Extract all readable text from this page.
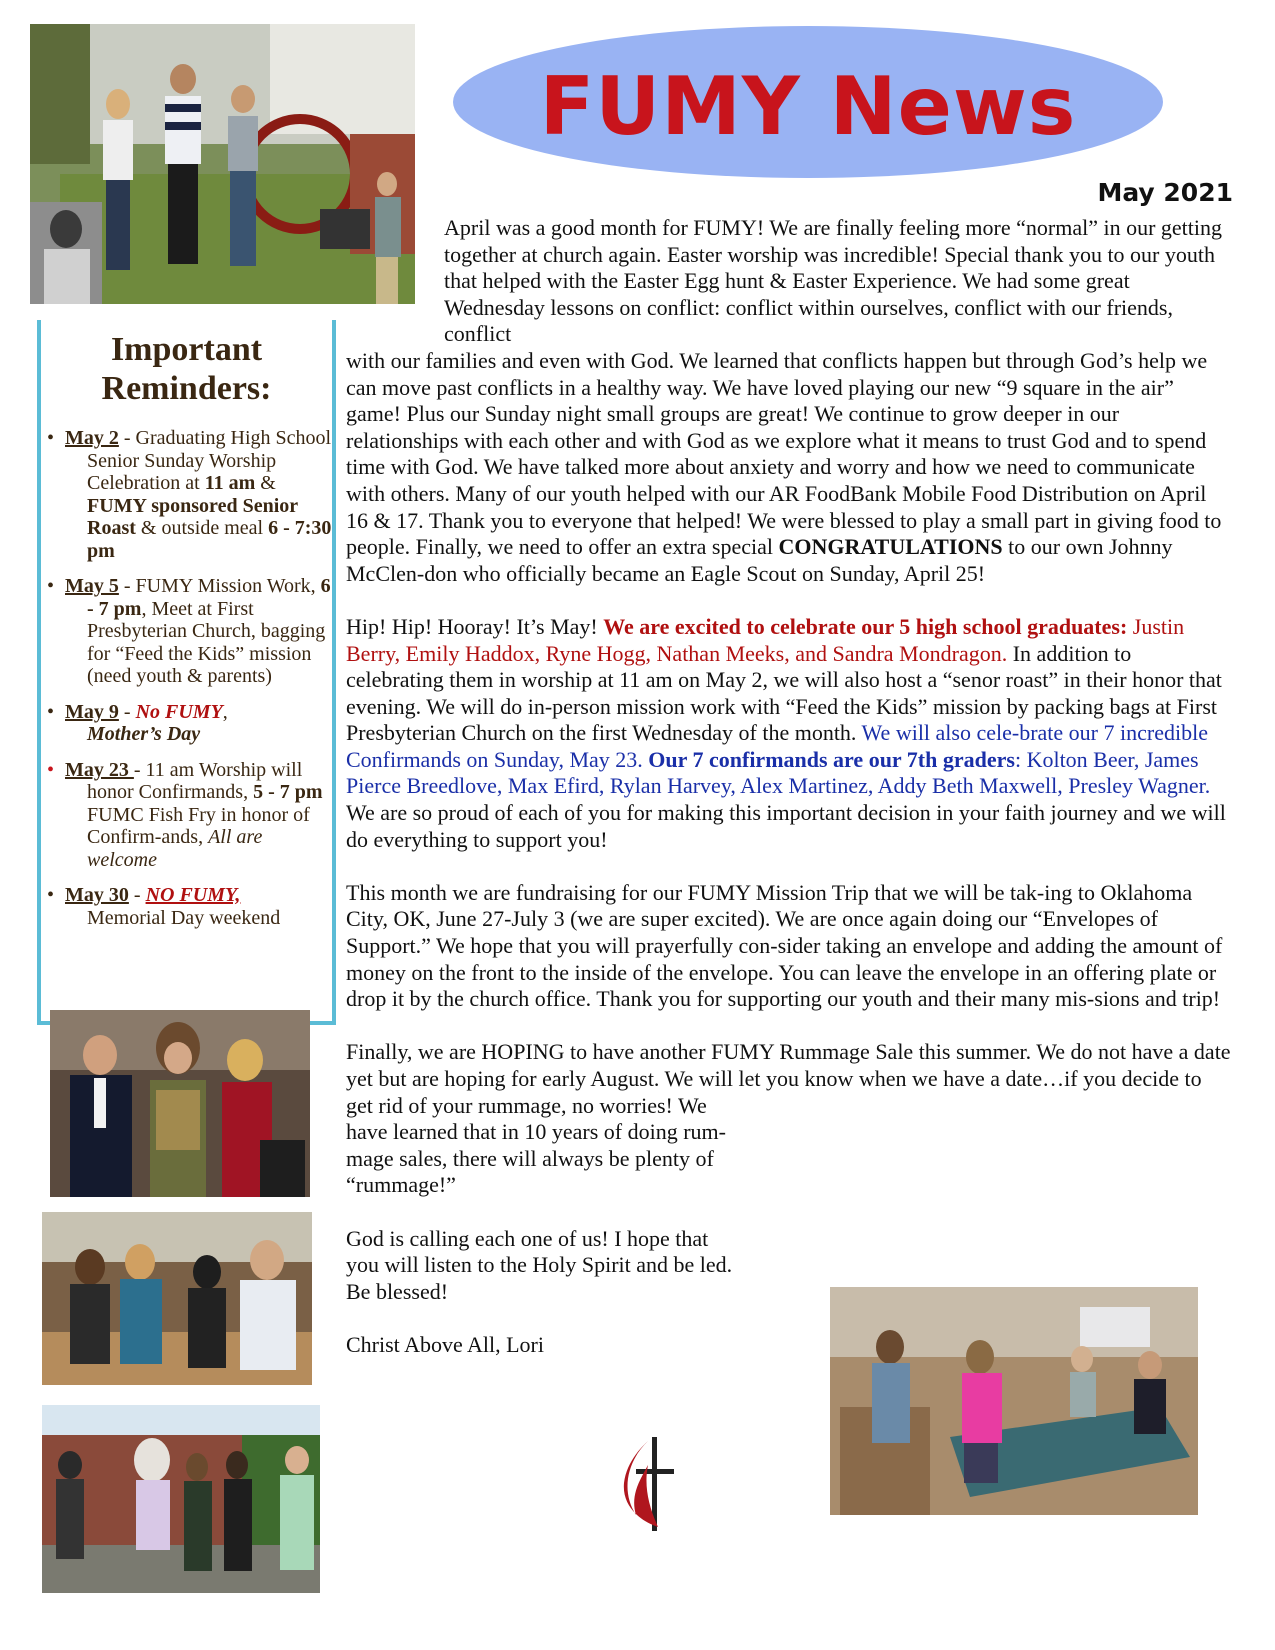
FUMY News
May 2021
Important
Reminders:
• May 2 - Graduating High School Senior Sunday Worship Celebration at 11 am & FUMY sponsored Senior Roast & outside meal 6 - 7:30 pm
• May 5 - FUMY Mission Work, 6 - 7 pm, Meet at First Presbyterian Church, bagging for “Feed the Kids” mission (need youth & parents)
• May 9 - No FUMY,
Mother’s Day
• May 23 - 11 am Worship will honor Confirmands, 5 - 7 pm FUMC Fish Fry in honor of Confirm-ands, All are welcome
• May 30 - NO FUMY,
Memorial Day weekend

April was a good month for FUMY! We are finally feeling more “normal” in our getting together at church again. Easter worship was incredible! Special thank you to our youth that helped with the Easter Egg hunt & Easter Experience. We had some great Wednesday lessons on conflict: conflict within ourselves, conflict with our friends, conflict

with our families and even with God. We learned that conflicts happen but through God’s help we can move past conflicts in a healthy way. We have loved playing our new “9 square in the air” game! Plus our Sunday night small groups are great! We continue to grow deeper in our relationships with each other and with God as we explore what it means to trust God and to spend time with God. We have talked more about anxiety and worry and how we need to communicate with others. Many of our youth helped with our AR FoodBank Mobile Food Distribution on April 16 & 17. Thank you to everyone that helped! We were blessed to play a small part in giving food to people. Finally, we need to offer an extra special CONGRATULATIONS to our own Johnny McClen-don who officially became an Eagle Scout on Sunday, April 25!

Hip! Hip! Hooray! It’s May! We are excited to celebrate our 5 high school graduates: Justin Berry, Emily Haddox, Ryne Hogg, Nathan Meeks, and Sandra Mondragon. In addition to celebrating them in worship at 11 am on May 2, we will also host a “senor roast” in their honor that evening. We will do in-person mission work with “Feed the Kids” mission by packing bags at First Presbyterian Church on the first Wednesday of the month. We will also cele-brate our 7 incredible Confirmands on Sunday, May 23. Our 7 confirmands are our 7th graders: Kolton Beer, James Pierce Breedlove, Max Efird, Rylan Harvey, Alex Martinez, Addy Beth Maxwell, Presley Wagner. We are so proud of each of you for making this important decision in your faith journey and we will do everything to support you!

This month we are fundraising for our FUMY Mission Trip that we will be tak-ing to Oklahoma City, OK, June 27-July 3 (we are super excited). We are once again doing our “Envelopes of Support.” We hope that you will prayerfully con-sider taking an envelope and adding the amount of money on the front to the inside of the envelope. You can leave the envelope in an offering plate or drop it by the church office. Thank you for supporting our youth and their many mis-sions and trip!

Finally, we are HOPING to have another FUMY Rummage Sale this summer. We do not have a date yet but are hoping for early August. We will let you know when we have a date…if you decide to get rid of your rummage, no worries! We
have learned that in 10 years of doing rum-
mage sales, there will always be plenty of
“rummage!”

God is calling each one of us! I hope that
you will listen to the Holy Spirit and be led.
Be blessed!

Christ Above All, Lori
